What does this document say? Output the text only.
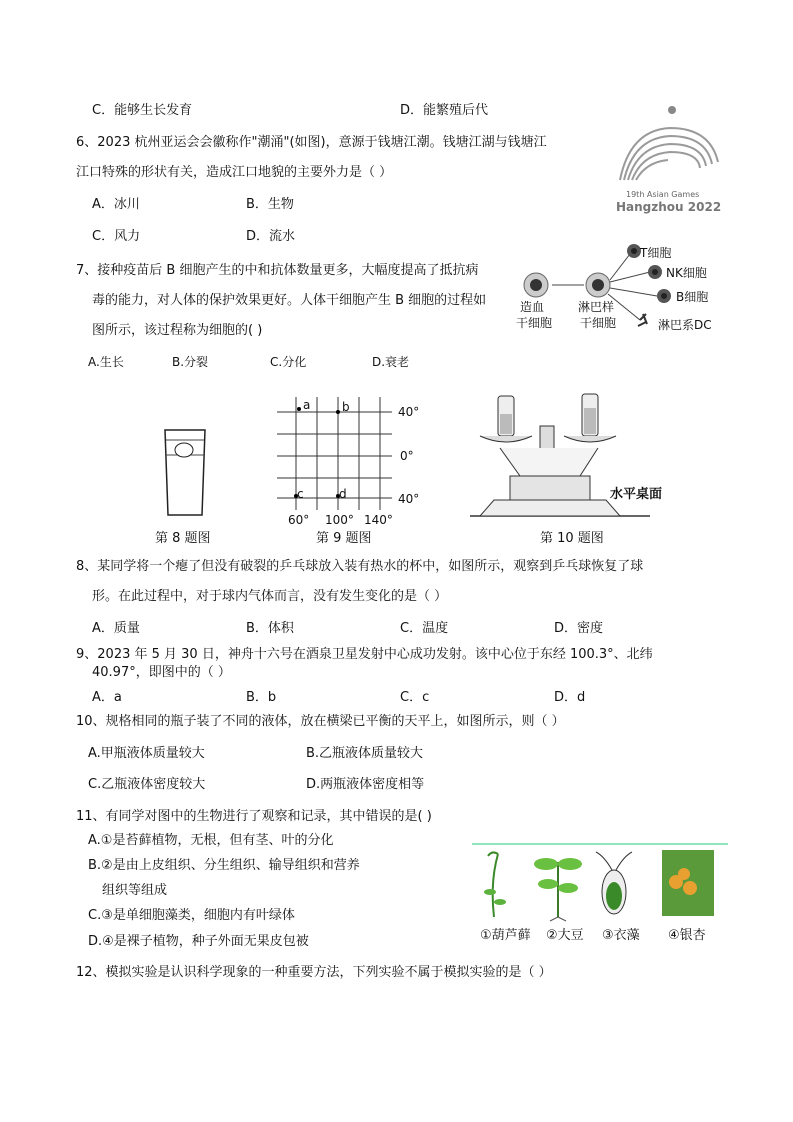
C．能够生长发育	D．能繁殖后代
6、2023 杭州亚运会会徽称作"潮涌"(如图)，意源于钱塘江潮。钱塘江湖与钱塘江
江口特殊的形状有关，造成江口地貌的主要外力是（ ）
A．冰川	B．生物
C．风力	D．流水
19th Asian Games
Hangzhou 2022
7、接种疫苗后 B 细胞产生的中和抗体数量更多，大幅度提高了抵抗病
毒的能力，对人体的保护效果更好。人体干细胞产生 B 细胞的过程如
图所示，该过程称为细胞的( )
A.生长	B.分裂	C.分化	D.衰老
T细胞
NK细胞
B细胞
淋巴系DC
造血
干细胞
淋巴样
干细胞
第 8 题图
a	b
c	d
40°
0°
40°
60° 100° 140°
第 9 题图
水平桌面
第 10 题图
8、某同学将一个瘪了但没有破裂的乒乓球放入装有热水的杯中，如图所示，观察到乒乓球恢复了球
形。在此过程中，对于球内气体而言，没有发生变化的是（ ）
A．质量	B．体积	C．温度	D．密度
9、2023 年 5 月 30 日，神舟十六号在酒泉卫星发射中心成功发射。该中心位于东经 100.3°、北纬
40.97°，即图中的（ ）
A．a	B．b	C．c	D．d
10、规格相同的瓶子装了不同的液体，放在横梁已平衡的天平上，如图所示，则（ ）
A.甲瓶液体质量较大	B.乙瓶液体质量较大
C.乙瓶液体密度较大	D.两瓶液体密度相等
11、有同学对图中的生物进行了观察和记录，其中错误的是( )
A.①是苔藓植物，无根，但有茎、叶的分化
B.②是由上皮组织、分生组织、输导组织和营养
组织等组成
C.③是单细胞藻类，细胞内有叶绿体
D.④是裸子植物，种子外面无果皮包被	①葫芦藓 ②大豆 ③衣藻 ④银杏
12、模拟实验是认识科学现象的一种重要方法，下列实验不属于模拟实验的是（ ）
